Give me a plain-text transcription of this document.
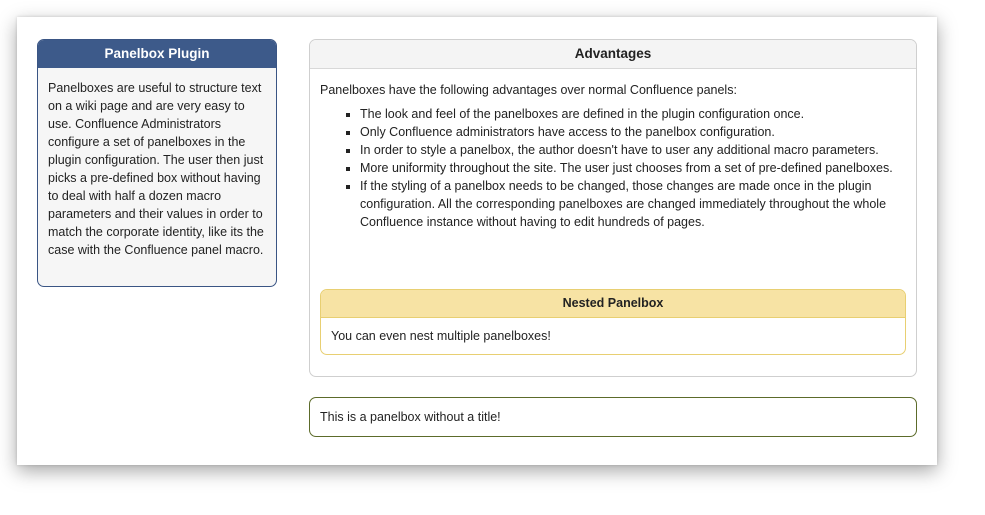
Panelbox Plugin
Panelboxes are useful to structure text on a wiki page and are very easy to use. Confluence Administrators configure a set of panelboxes in the plugin configuration. The user then just picks a pre-defined box without having to deal with half a dozen macro parameters and their values in order to match the corporate identity, like its the case with the Confluence panel macro.
Advantages
Panelboxes have the following advantages over normal Confluence panels:
▪ The look and feel of the panelboxes are defined in the plugin configuration once.
▪ Only Confluence administrators have access to the panelbox configuration.
▪ In order to style a panelbox, the author doesn't have to user any additional macro parameters.
▪ More uniformity throughout the site. The user just chooses from a set of pre-defined panelboxes.
▪ If the styling of a panelbox needs to be changed, those changes are made once in the plugin configuration. All the corresponding panelboxes are changed immediately throughout the whole Confluence instance without having to edit hundreds of pages.
Nested Panelbox
You can even nest multiple panelboxes!
This is a panelbox without a title!
